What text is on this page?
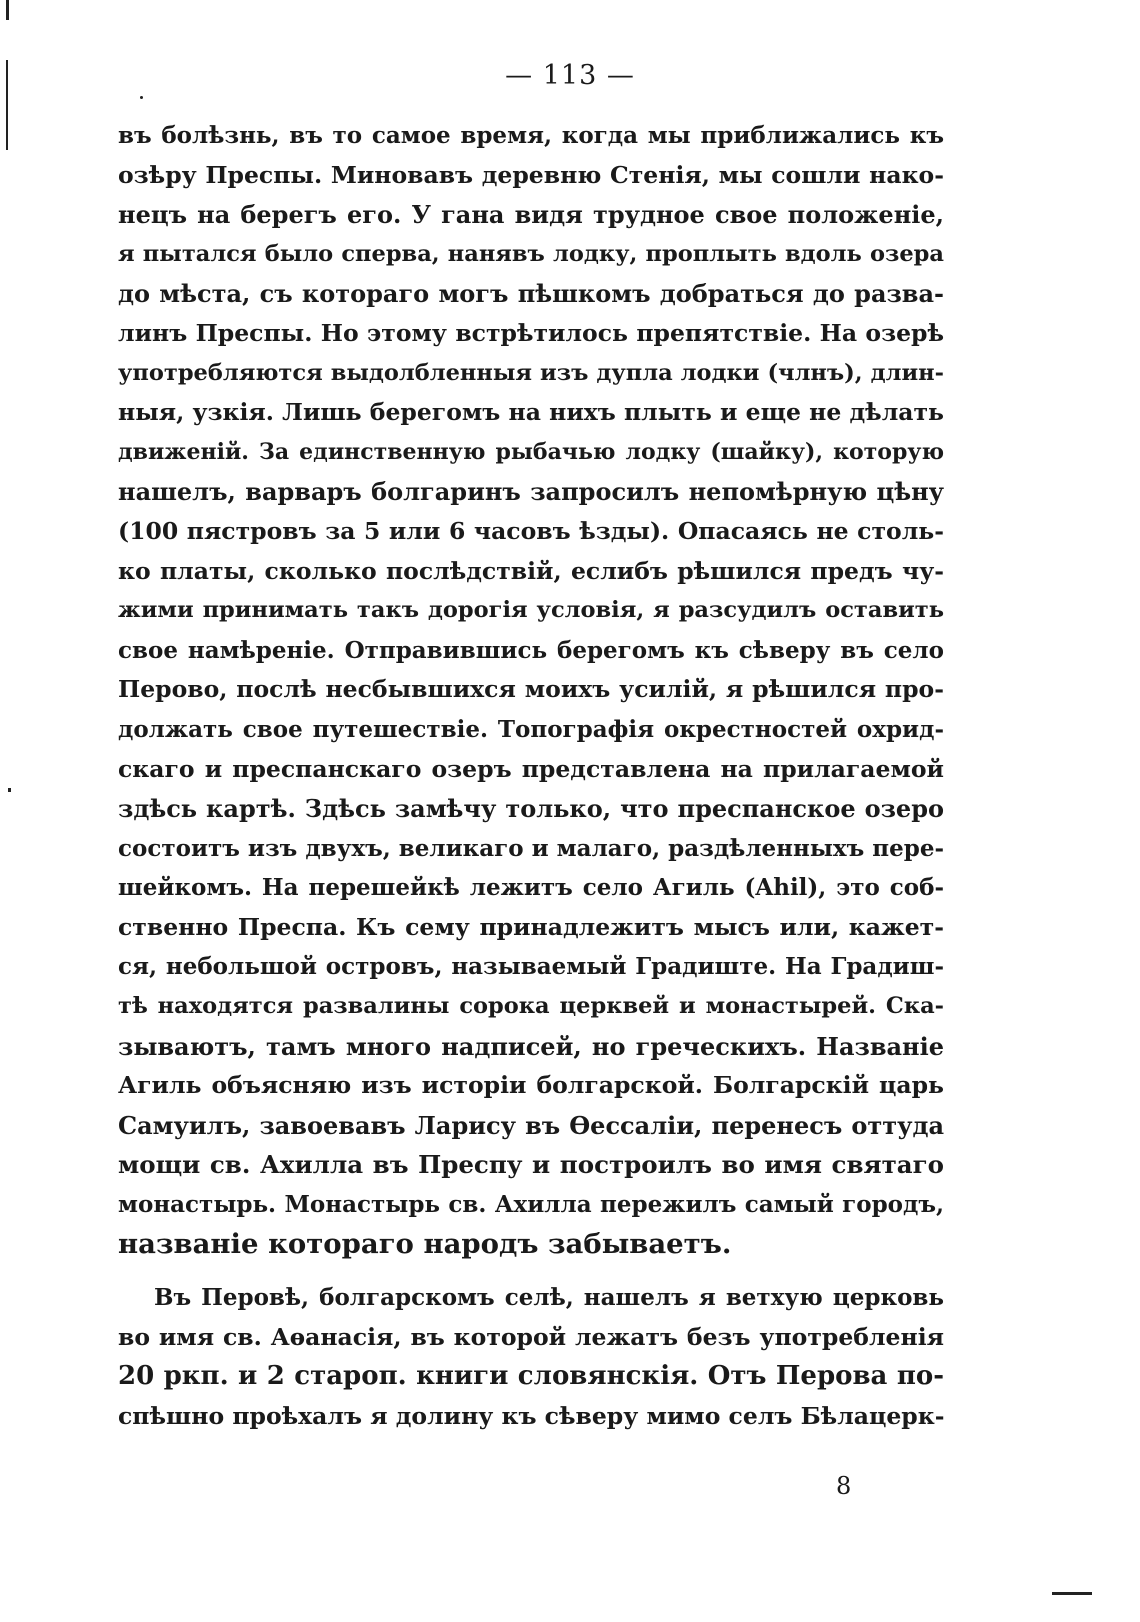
— 113 —
въ болѣзнь, въ то самое время, когда мы приближались къ
озѣру Преспы. Миновавъ деревню Стенія, мы сошли нако-
нецъ на берегъ его. У гана видя трудное свое положеніе,
я пытался было сперва, нанявъ лодку, проплыть вдоль озера
до мѣста, съ котораго могъ пѣшкомъ добраться до разва-
линъ Преспы. Но этому встрѣтилось препятствіе. На озерѣ
употребляются выдолбленныя изъ дупла лодки (члнъ), длин-
ныя, узкія. Лишь берегомъ на нихъ плыть и еще не дѣлать
движеній. За единственную рыбачью лодку (шайку), которую
нашелъ, варваръ болгаринъ запросилъ непомѣрную цѣну
(100 пястровъ за 5 или 6 часовъ ѣзды). Опасаясь не столь-
ко платы, сколько послѣдствій, еслибъ рѣшился предъ чу-
жими принимать такъ дорогія условія, я разсудилъ оставить
свое намѣреніе. Отправившись берегомъ къ сѣверу въ село
Перово, послѣ несбывшихся моихъ усилій, я рѣшился про-
должать свое путешествіе. Топографія окрестностей охрид-
скаго и преспанскаго озеръ представлена на прилагаемой
здѣсь картѣ. Здѣсь замѣчу только, что преспанское озеро
состоитъ изъ двухъ, великаго и малаго, раздѣленныхъ пере-
шейкомъ. На перешейкѣ лежитъ село Агиль (Ahil), это соб-
ственно Преспа. Къ сему принадлежитъ мысъ или, кажет-
ся, небольшой островъ, называемый Градиште. На Градиш-
тѣ находятся развалины сорока церквей и монастырей. Ска-
зываютъ, тамъ много надписей, но греческихъ. Названіе
Агиль объясняю изъ исторіи болгарской. Болгарскій царь
Самуилъ, завоевавъ Ларису въ Ѳессаліи, перенесъ оттуда
мощи св. Ахилла въ Преспу и построилъ во имя святаго
монастырь. Монастырь св. Ахилла пережилъ самый городъ,
названіе котораго народъ забываетъ.
Въ Перовѣ, болгарскомъ селѣ, нашелъ я ветхую церковь
во имя св. Аѳанасія, въ которой лежатъ безъ употребленія
20 ркп. и 2 староп. книги словянскія. Отъ Перова по-
спѣшно проѣхалъ я долину къ сѣверу мимо селъ Бѣлацерк-
8
